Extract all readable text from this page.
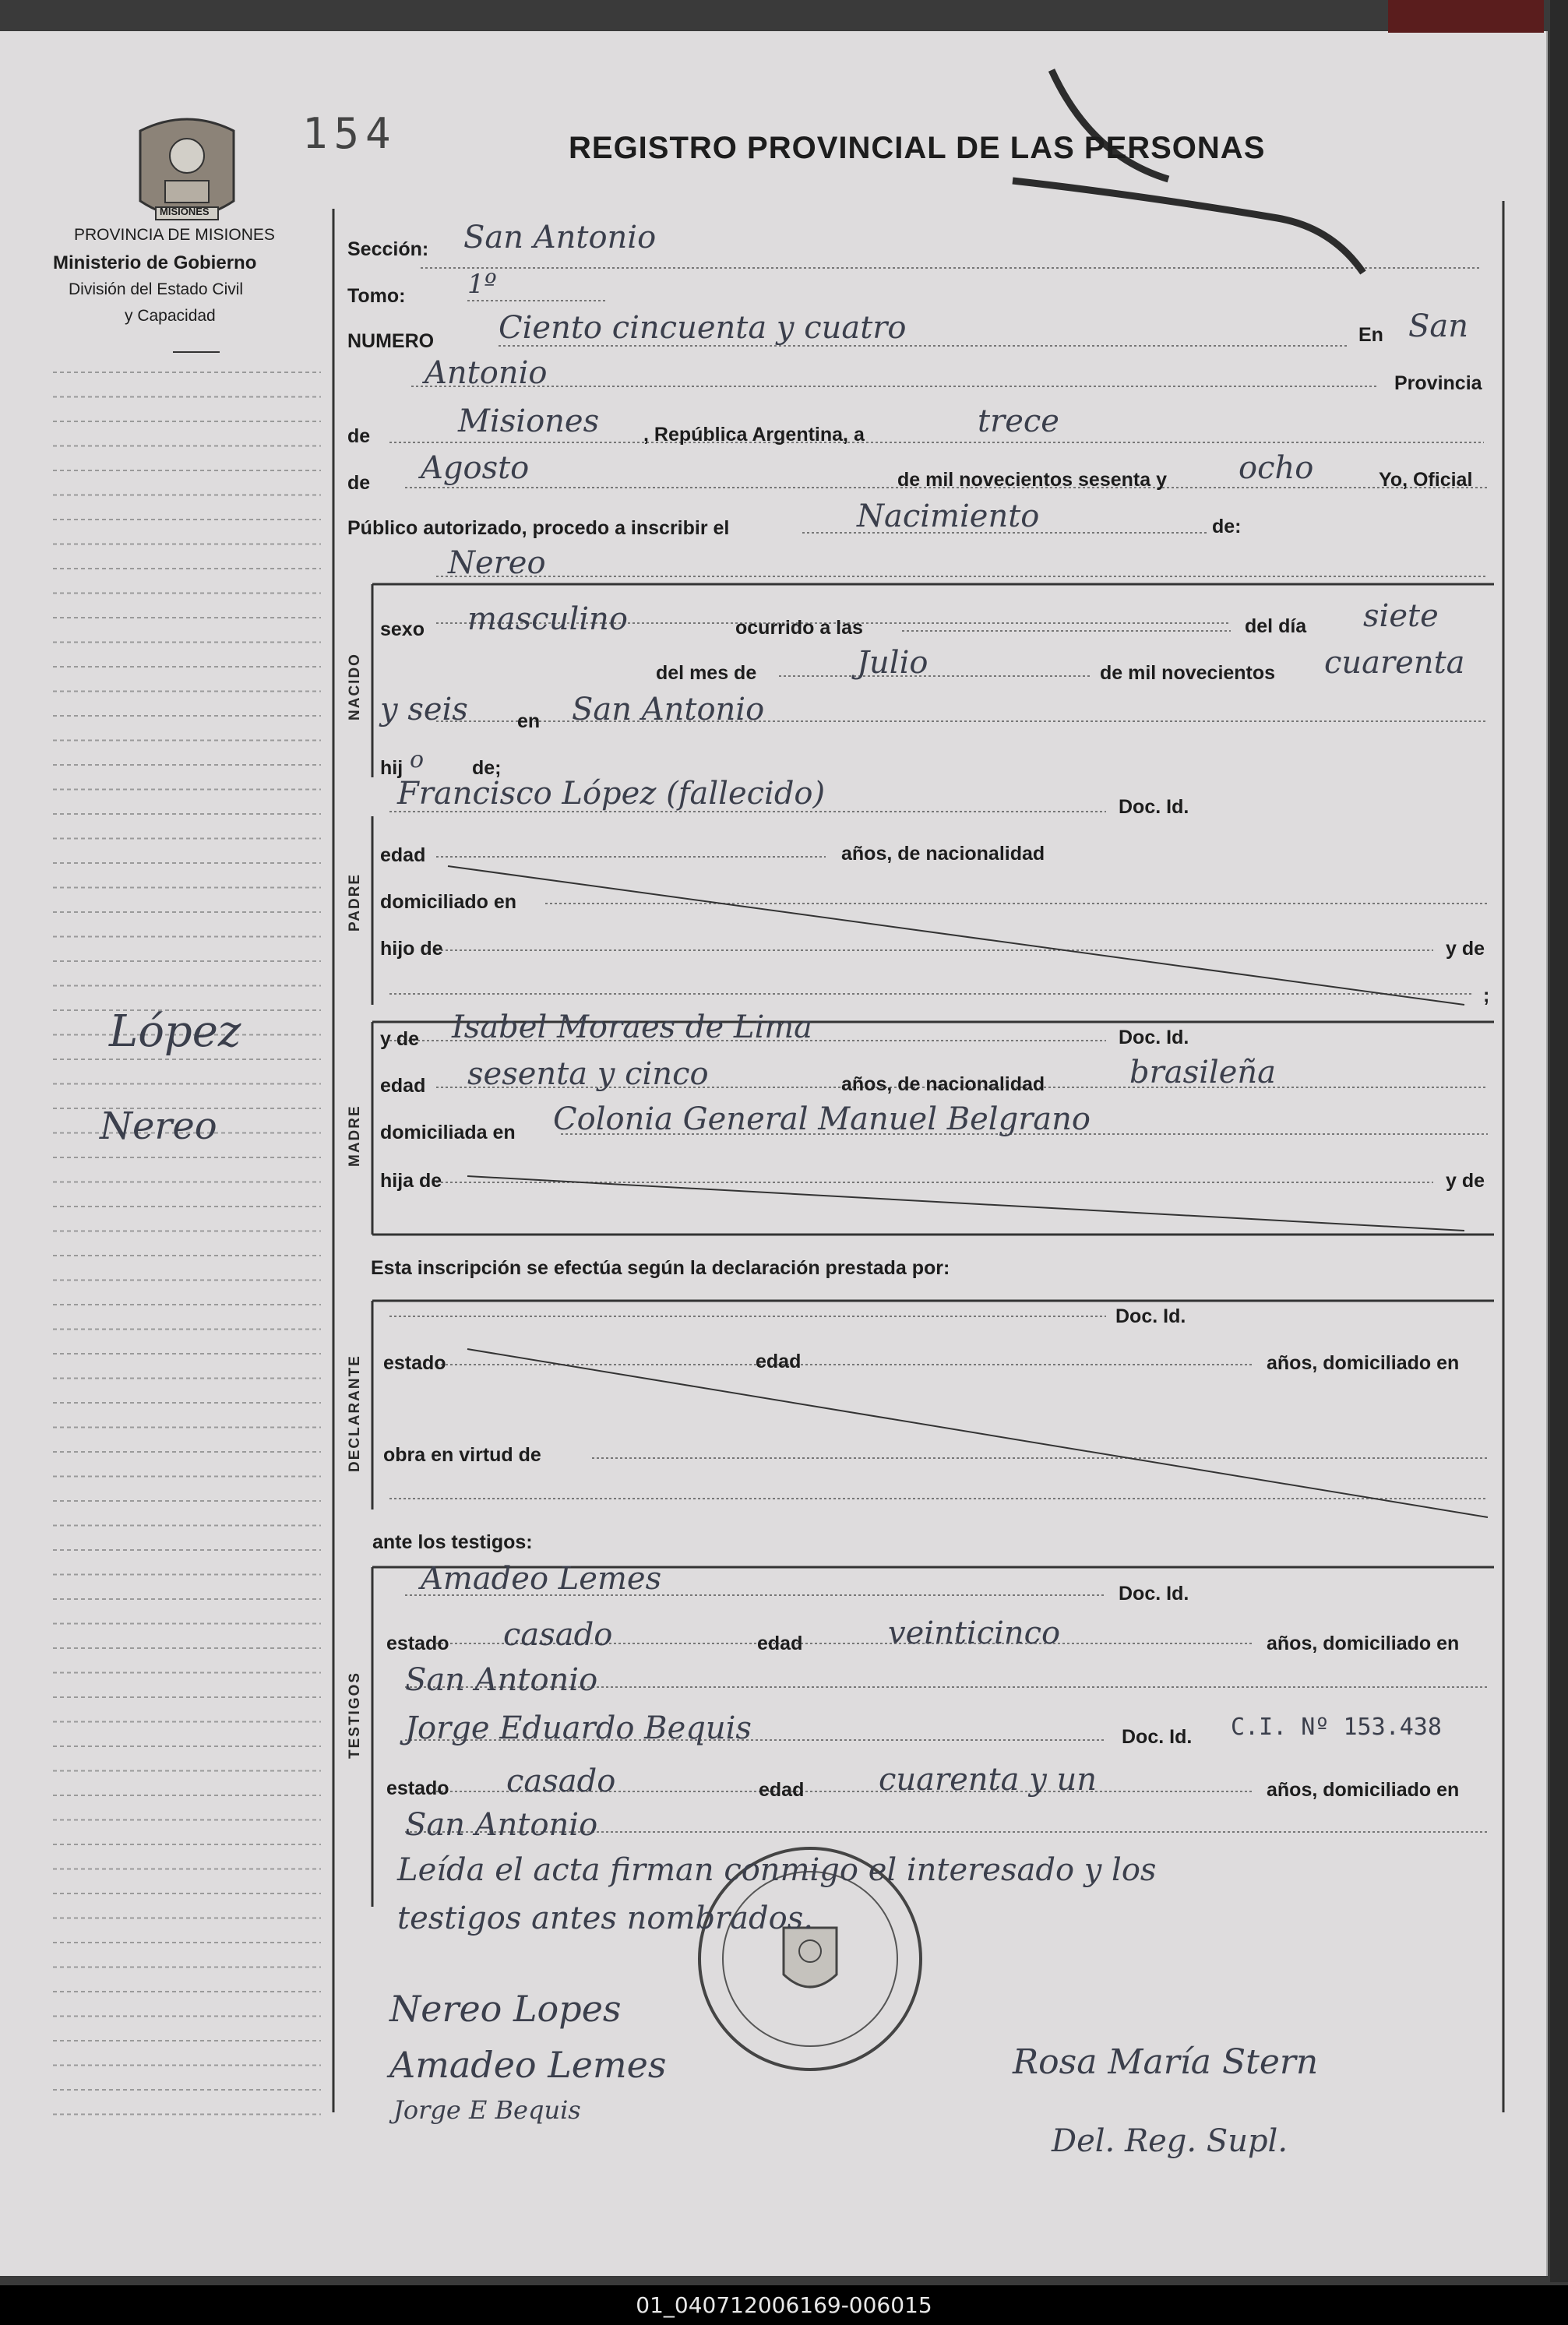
154	REGISTRO PROVINCIAL DE LAS PERSONAS
PROVINCIA DE MISIONES
Ministerio de Gobierno
División del Estado Civil
y Capacidad
MISIONES
López
Nereo
NACIDO
PADRE
MADRE
DECLARANTE
TESTIGOS
Sección: San Antonio
Tomo: 1º
NUMERO Ciento cincuenta y cuatro	En San
Antonio	Provincia
de	Misiones , República Argentina, a	trece
de Agosto	de mil novecientos sesenta y ocho	Yo, Oficial
Público autorizado, procedo a inscribir el	Nacimiento	de:
Nereo
sexo masculino	ocurrido a las	del día siete
del mes de	Julio	de mil novecientos cuarenta
y seis	en San Antonio
hij o de;
Francisco López (fallecido)	Doc. Id.
edad	años, de nacionalidad
domiciliado en
hijo de	y de
;
y de Isabel Moraes de Lima	Doc. Id.
edad sesenta y cinco	años, de nacionalidad	brasileña
domiciliada en Colonia General Manuel Belgrano
hija de	y de
Esta inscripción se efectúa según la declaración prestada por:
Doc. Id.
estado	edad	años, domiciliado en
obra en virtud de
ante los testigos:
Amadeo Lemes	Doc. Id.
estado casado	edad	veinticinco	años, domiciliado en
San Antonio
Jorge Eduardo Bequis	Doc. Id. C.I. Nº 153.438
estado casado	edad cuarenta y un	años, domiciliado en
San Antonio
Leída el acta firman conmigo el interesado y los
testigos antes nombrados.
Nereo Lopes
Amadeo Lemes
Jorge E Bequis
Rosa María Stern
Del. Reg. Supl.
01_040712006169-006015
